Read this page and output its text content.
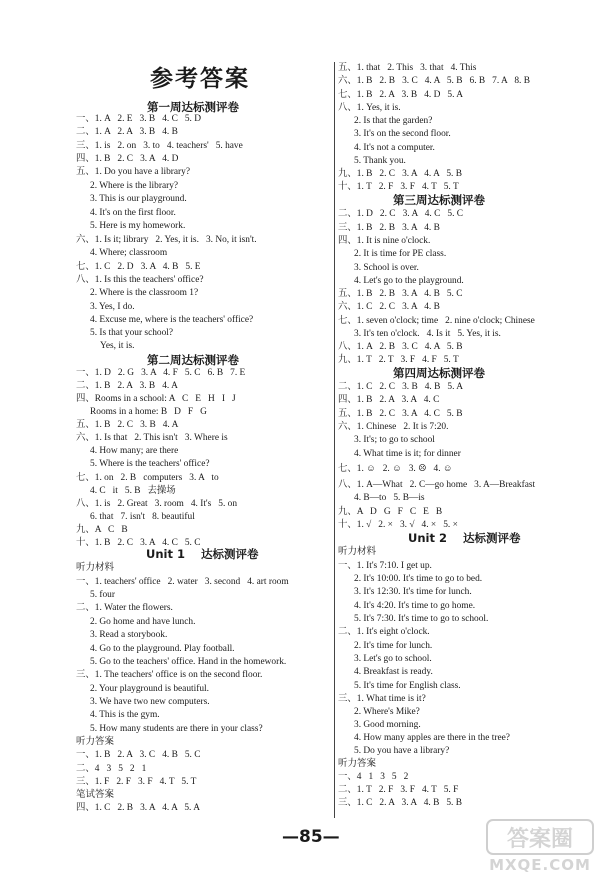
参考答案
第一周达标测评卷
一、1. A   2. E   3. B   4. C   5. D
二、1. A   2. A   3. B   4. B
三、1. is   2. on   3. to   4. teachers'   5. have
四、1. B   2. C   3. A   4. D
五、1. Do you have a library?
2. Where is the library?
3. This is our playground.
4. It's on the first floor.
5. Here is my homework.
六、1. Is it; library   2. Yes, it is.   3. No, it isn't.
4. Where; classroom
七、1. C   2. D   3. A   4. B   5. E
八、1. Is this the teachers' office?
2. Where is the classroom 1?
3. Yes, I do.
4. Excuse me, where is the teachers' office?
5. Is that your school?
Yes, it is.
第二周达标测评卷
一、1. D   2. G   3. A   4. F   5. C   6. B   7. E
二、1. B   2. A   3. B   4. A
四、Rooms in a school: A   C   E   H   I   J
Rooms in a home: B   D   F   G
五、1. B   2. C   3. B   4. A
六、1. Is that   2. This isn't   3. Where is
4. How many; are there
5. Where is the teachers' office?
七、1. on   2. B   computers   3. A   to
4. C   it   5. B   去操场
八、1. is   2. Great   3. room   4. It's   5. on
6. that   7. isn't   8. beautiful
九、A   C   B
十、1. B   2. C   3. A   4. C   5. C
Unit 1    达标测评卷
听力材料
一、1. teachers' office   2. water   3. second   4. art room
5. four
二、1. Water the flowers.
2. Go home and have lunch.
3. Read a storybook.
4. Go to the playground. Play football.
5. Go to the teachers' office. Hand in the homework.
三、1. The teachers' office is on the second floor.
2. Your playground is beautiful.
3. We have two new computers.
4. This is the gym.
5. How many students are there in your class?
听力答案
一、1. B   2. A   3. C   4. B   5. C
二、4   3   5   2   1
三、1. F   2. F   3. F   4. T   5. T
笔试答案
四、1. C   2. B   3. A   4. A   5. A
五、1. that   2. This   3. that   4. This
六、1. B   2. B   3. C   4. A   5. B   6. B   7. A   8. B
七、1. B   2. A   3. B   4. D   5. A
八、1. Yes, it is.
2. Is that the garden?
3. It's on the second floor.
4. It's not a computer.
5. Thank you.
九、1. B   2. C   3. A   4. A   5. B
十、1. T   2. F   3. F   4. T   5. T
第三周达标测评卷
二、1. D   2. C   3. A   4. C   5. C
三、1. B   2. B   3. A   4. B
四、1. It is nine o'clock.
2. It is time for PE class.
3. School is over.
4. Let's go to the playground.
五、1. B   2. B   3. A   4. B   5. C
六、1. C   2. C   3. A   4. B
七、1. seven o'clock; time   2. nine o'clock; Chinese
3. It's ten o'clock.   4. Is it   5. Yes, it is.
八、1. A   2. B   3. C   4. A   5. B
九、1. T   2. T   3. F   4. F   5. T
第四周达标测评卷
二、1. C   2. C   3. B   4. B   5. A
四、1. B   2. A   3. A   4. C
五、1. B   2. C   3. A   4. C   5. B
六、1. Chinese   2. It is 7:20.
3. It's; to go to school
4. What time is it; for dinner
七、1. ☺   2. ☺   3. ☹   4. ☺
八、1. A—What   2. C—go home   3. A—Breakfast
4. B—to   5. B—is
九、A   D   G   F   C   E   B
十、1. √   2. ×   3. √   4. ×   5. ×
Unit 2    达标测评卷
听力材料
一、1. It's 7:10. I get up.
2. It's 10:00. It's time to go to bed.
3. It's 12:30. It's time for lunch.
4. It's 4:20. It's time to go home.
5. It's 7:30. It's time to go to school.
二、1. It's eight o'clock.
2. It's time for lunch.
3. Let's go to school.
4. Breakfast is ready.
5. It's time for English class.
三、1. What time is it?
2. Where's Mike?
3. Good morning.
4. How many apples are there in the tree?
5. Do you have a library?
听力答案
一、4   1   3   5   2
二、1. T   2. F   3. F   4. T   5. F
三、1. C   2. A   3. A   4. B   5. B
—85—	答案圈
MXQE.COM
